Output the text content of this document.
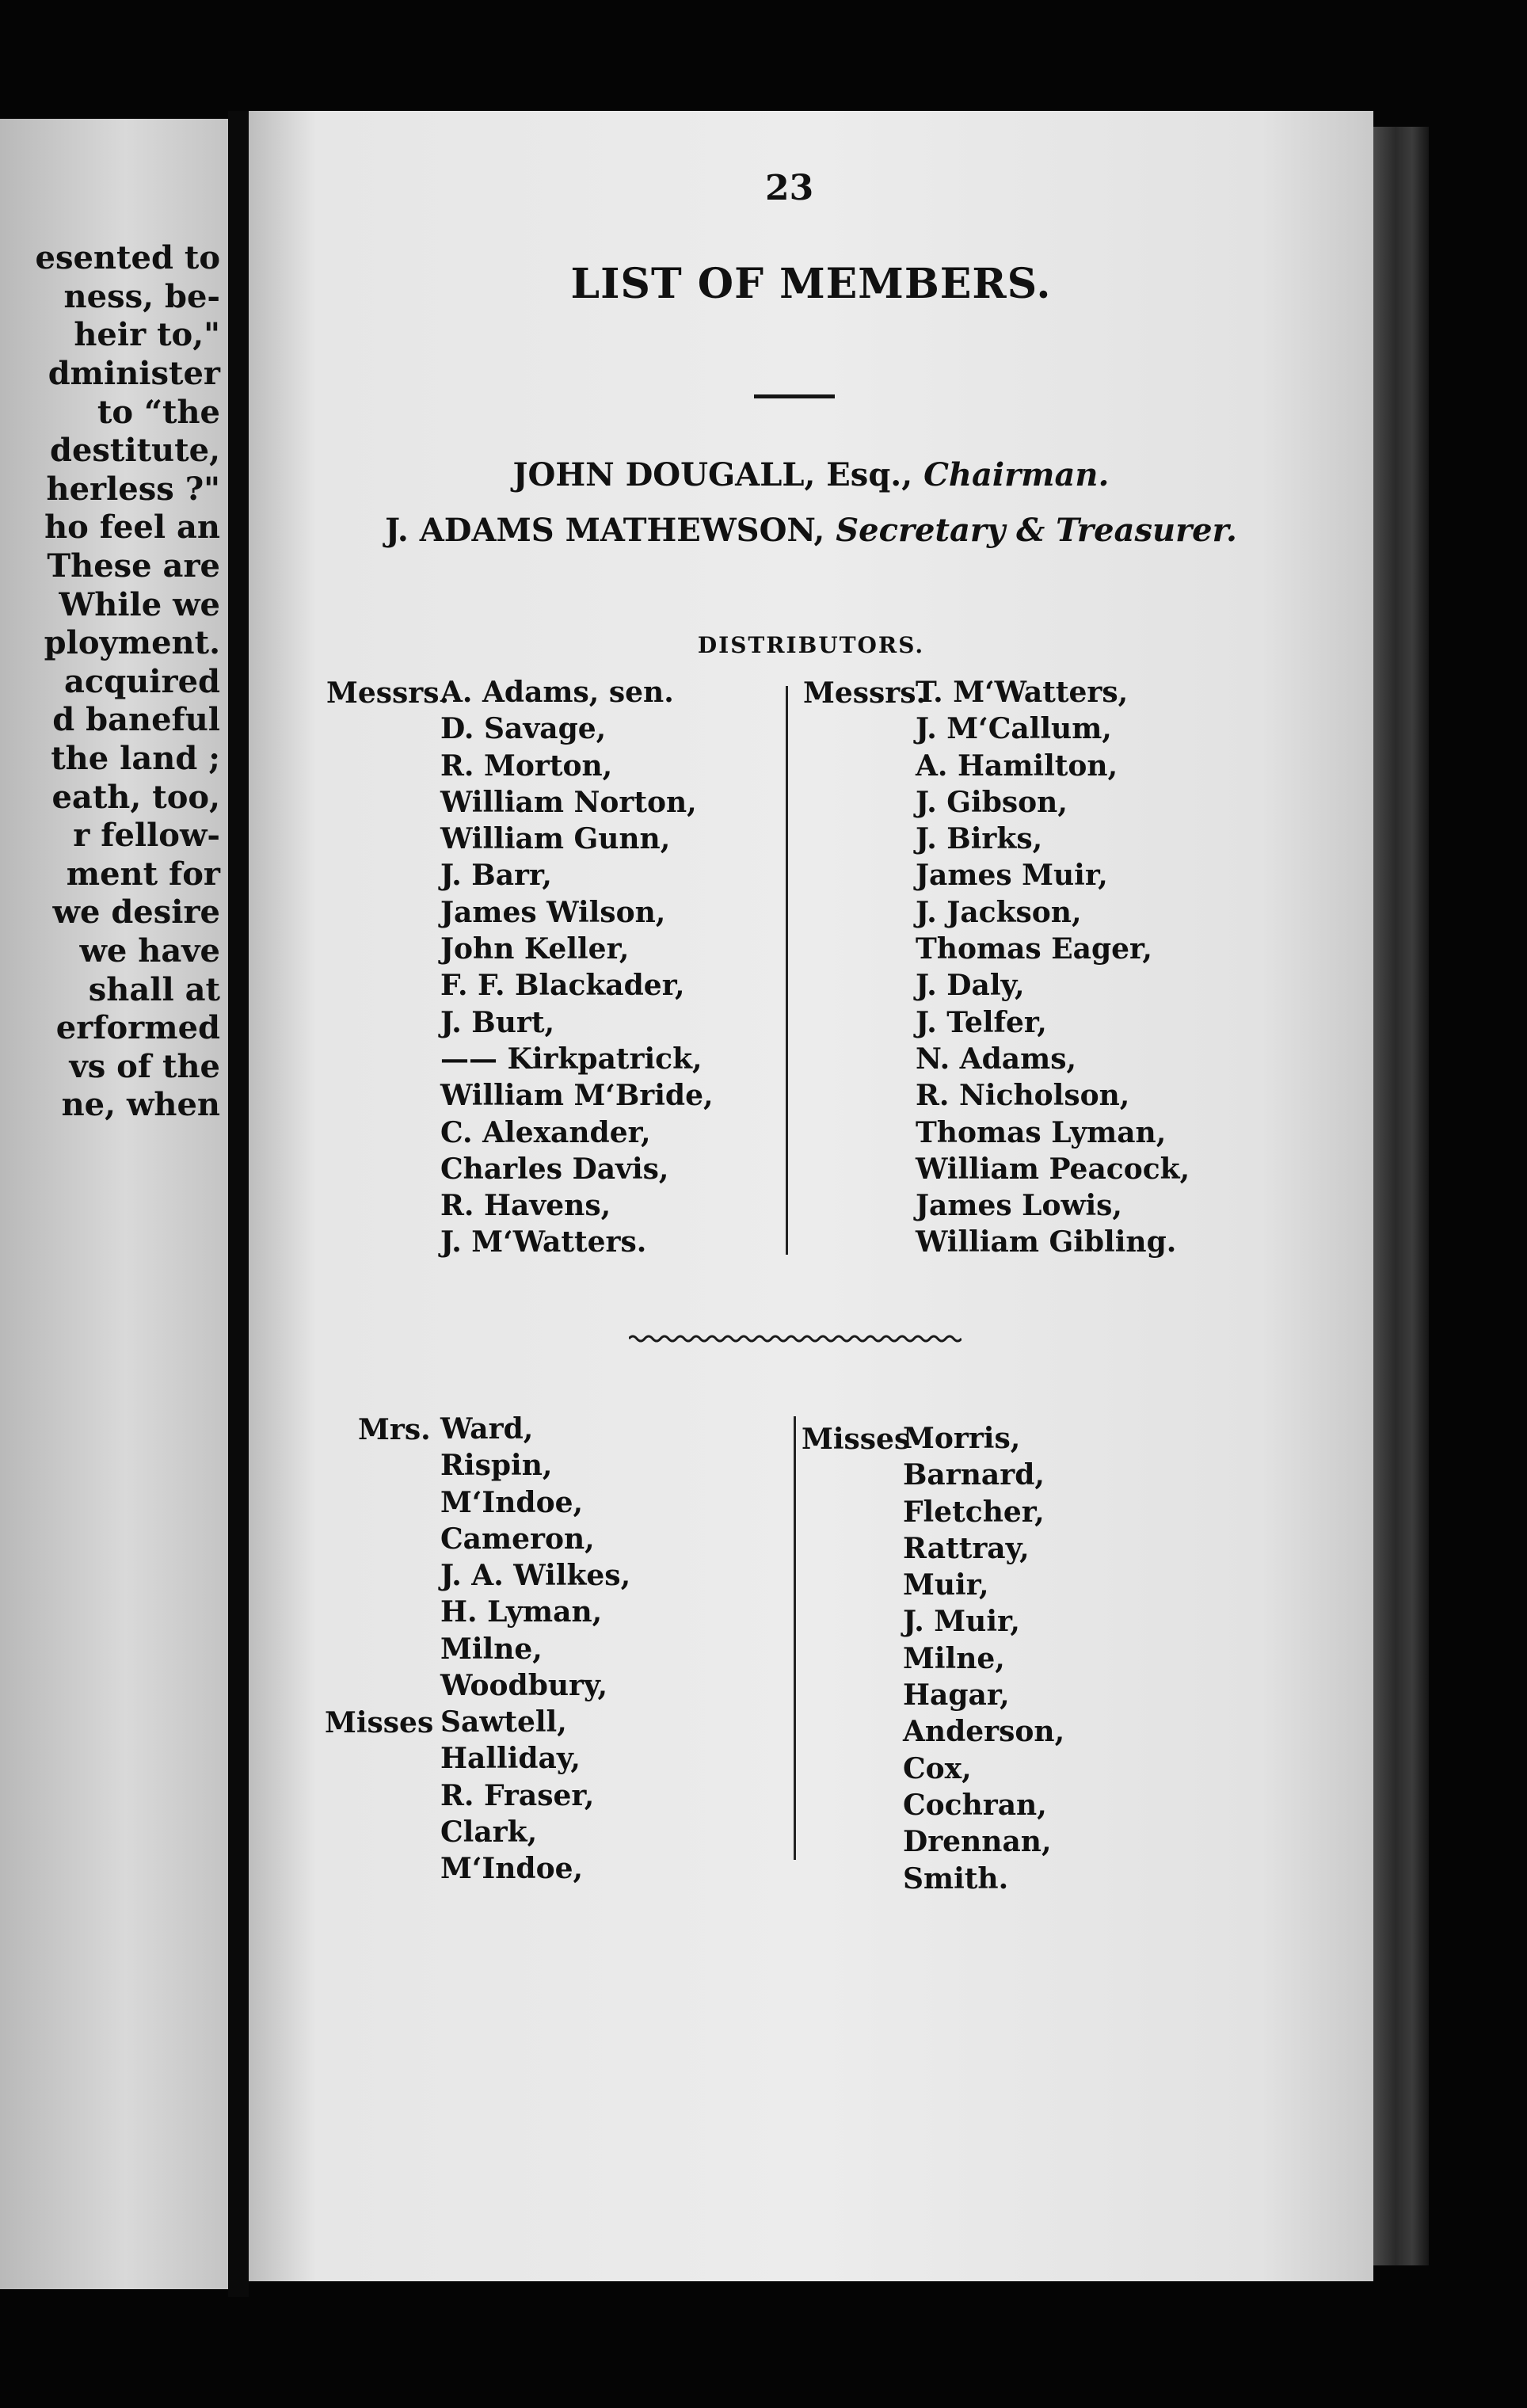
esented to

ness, be-

heir to,"

dminister

to “the

destitute,

herless ?"

ho feel an

These are

While we

ployment.

acquired

d baneful

the land ;

eath, too,

r fellow-

ment for

we desire

we have

shall at

erformed

vs of the

ne, when

23

LIST OF MEMBERS.

JOHN DOUGALL, Esq., Chairman.

J. ADAMS MATHEWSON, Secretary & Treasurer.

DISTRIBUTORS.
Messrs.
A. Adams, sen.
D. Savage,
R. Morton,
William Norton,
William Gunn,
J. Barr,
James Wilson,
John Keller,
F. F. Blackader,
J. Burt,
—— Kirkpatrick,
William M‘Bride,
C. Alexander,
Charles Davis,
R. Havens,
J. M‘Watters.
Messrs.
T. M‘Watters,
J. M‘Callum,
A. Hamilton,
J. Gibson,
J. Birks,
James Muir,
J. Jackson,
Thomas Eager,
J. Daly,
J. Telfer,
N. Adams,
R. Nicholson,
Thomas Lyman,
William Peacock,
James Lowis,
William Gibling.
Mrs. Ward,
Rispin,
M‘Indoe,
Cameron,
J. A. Wilkes,
H. Lyman,
Milne,
Woodbury,
Misses Sawtell,
Halliday,
R. Fraser,
Clark,
M‘Indoe,
Misses
Morris,
Barnard,
Fletcher,
Rattray,
Muir,
J. Muir,
Milne,
Hagar,
Anderson,
Cox,
Cochran,
Drennan,
Smith.
